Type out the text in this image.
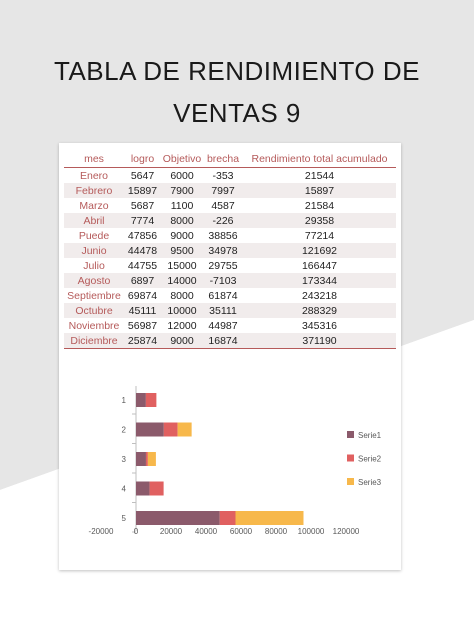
TABLA DE RENDIMIENTO DE
VENTAS 9
mes	logro	Objetivo	brecha	Rendimiento total acumulado
Enero	5647	6000	-353	21544
Febrero	15897	7900	7997	15897
Marzo	5687	1100	4587	21584
Abril	7774	8000	-226	29358
Puede	47856	9000	38856	77214
Junio	44478	9500	34978	121692
Julio	44755	15000	29755	166447
Agosto	6897	14000	-7103	173344
Septiembre	69874	8000	61874	243218
Octubre	45111	10000	35111	288329
Noviembre	56987	12000	44987	345316
Diciembre	25874	9000	16874	371190
1
2
3
4
5
-20000	0	20000 40000 60000 80000 100000 120000
Serie1
Serie2
Serie3
